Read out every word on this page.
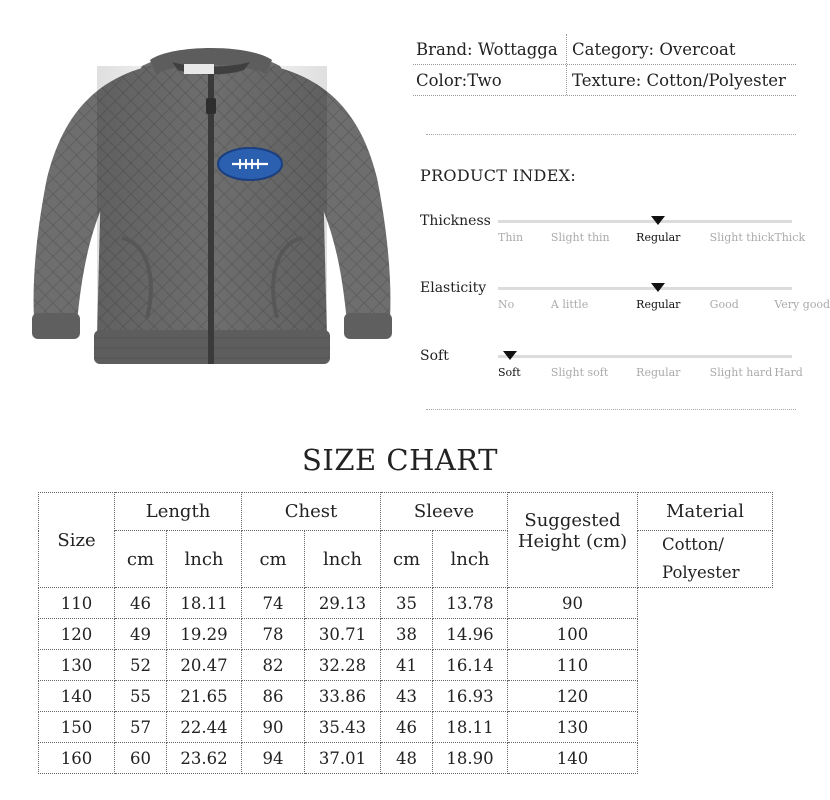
Brand: Wottagga Category: Overcoat
Color:Two	Texture: Cotton/Polyester
PRODUCT INDEX:
Thickness
Thin	Slight thin Regular	Slight thick Thick
Elasticity
No	A little	Regular	Good	Very good
Soft
Soft	Slight soft	Regular	Slight hard Hard
SIZE CHART
Size	Length		Chest		Sleeve		Suggested	Material
	cm	lnch	cm	lnch	cm	lnch	Height (cm)	Cotton/
Polyester

110	46	18.11	74	29.13	35	13.78	90	
120	49	19.29	78	30.71	38	14.96	100	
130	52	20.47	82	32.28	41	16.14	110	
140	55	21.65	86	33.86	43	16.93	120	
150	57	22.44	90	35.43	46	18.11	130	
160	60	23.62	94	37.01	48	18.90	140	
